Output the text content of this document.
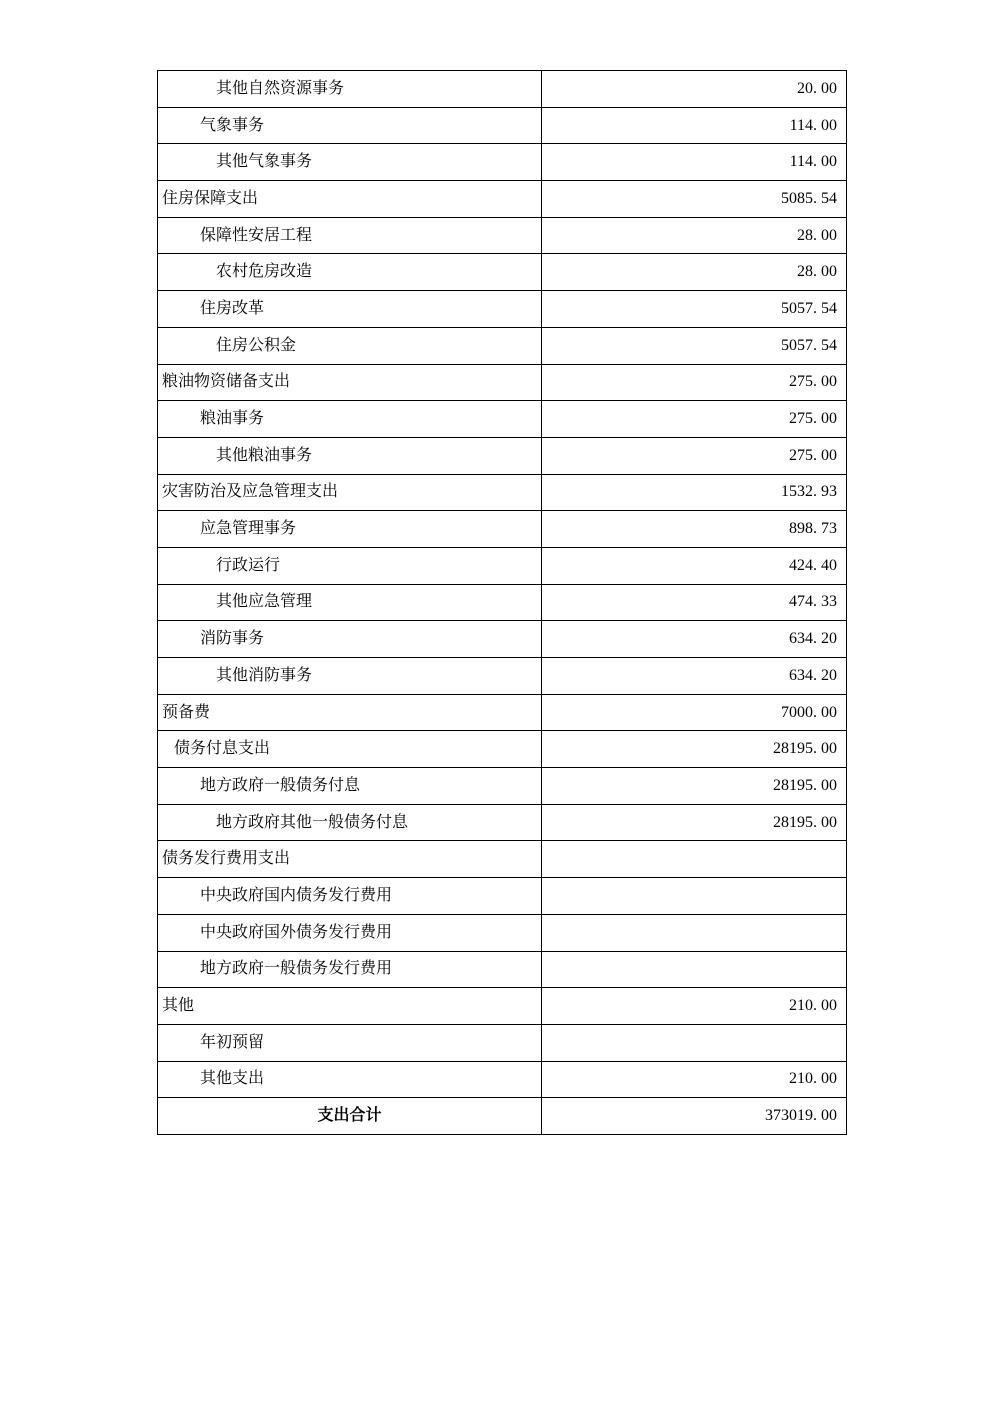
其他自然资源事务	20. 00
气象事务	114. 00
其他气象事务	114. 00
住房保障支出	5085. 54
保障性安居工程	28. 00
农村危房改造	28. 00
住房改革	5057. 54
住房公积金	5057. 54
粮油物资储备支出	275. 00
粮油事务	275. 00
其他粮油事务	275. 00
灾害防治及应急管理支出	1532. 93
应急管理事务	898. 73
行政运行	424. 40
其他应急管理	474. 33
消防事务	634. 20
其他消防事务	634. 20
预备费	7000. 00
债务付息支出	28195. 00
地方政府一般债务付息	28195. 00
地方政府其他一般债务付息	28195. 00
债务发行费用支出	
中央政府国内债务发行费用	
中央政府国外债务发行费用	
地方政府一般债务发行费用	
其他	210. 00
年初预留	
其他支出	210. 00
支出合计	373019. 00
